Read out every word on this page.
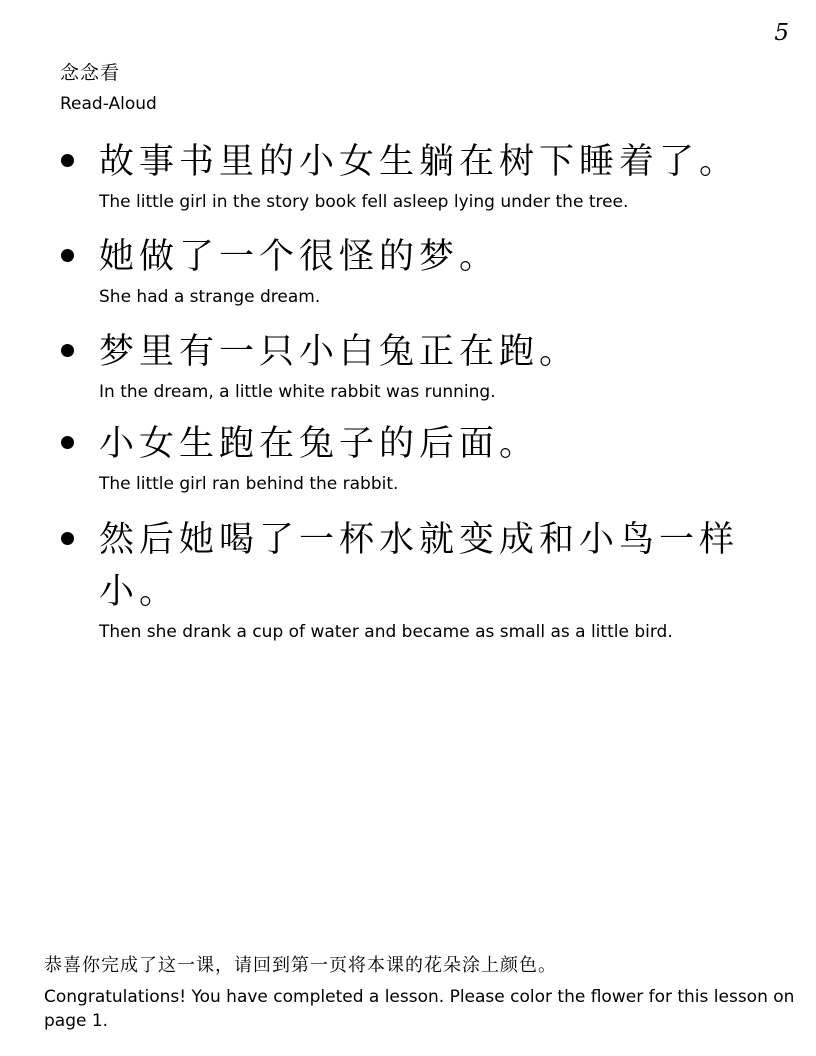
5
念念看
Read-Aloud
故事书里的小女生躺在树下睡着了。
The little girl in the story book fell asleep lying under the tree.
她做了一个很怪的梦。
She had a strange dream.
梦里有一只小白兔正在跑。
In the dream, a little white rabbit was running.
小女生跑在兔子的后面。
The little girl ran behind the rabbit.
然后她喝了一杯水就变成和小鸟一样小。
Then she drank a cup of water and became as small as a little bird.
恭喜你完成了这一课，请回到第一页将本课的花朵涂上颜色。
Congratulations! You have completed a lesson. Please color the flower for this lesson on page 1.
